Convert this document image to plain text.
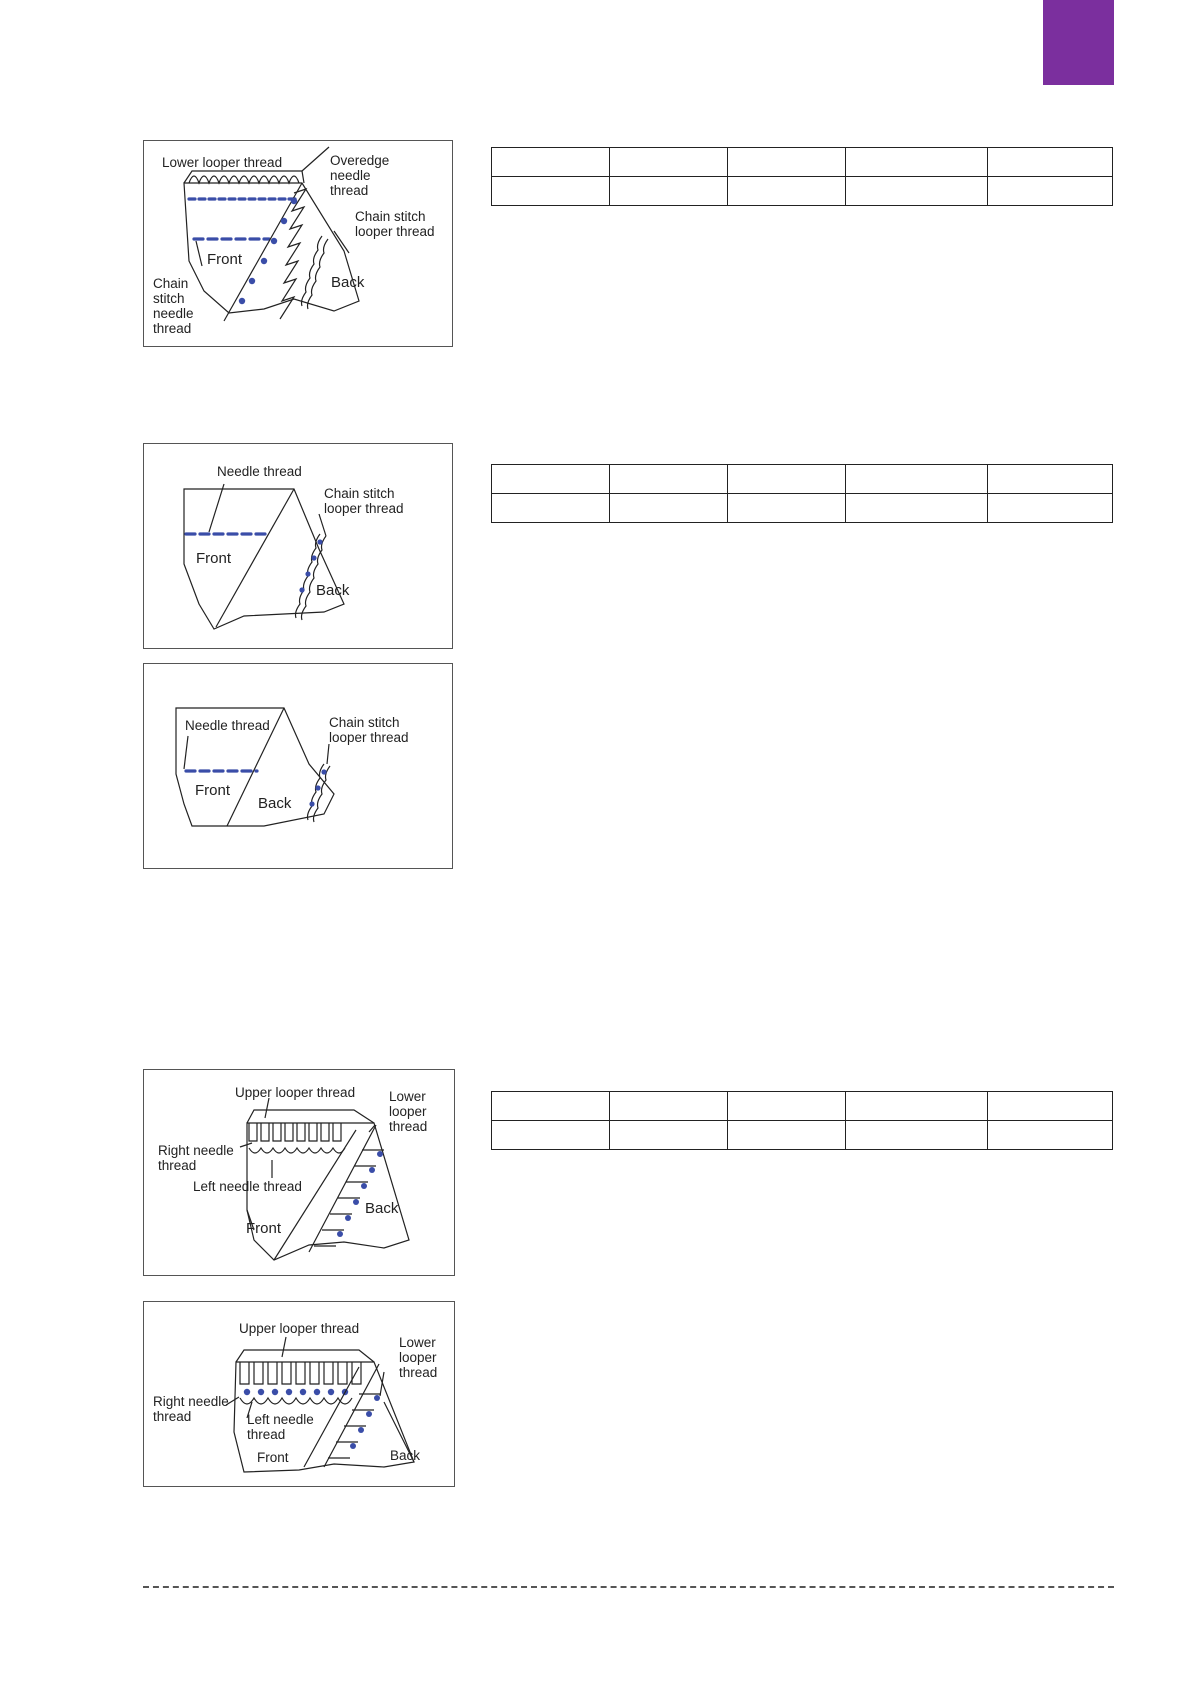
Lower looper thread	Overedge
needle
thread
Chain stitch
looper thread
Front
Back
Chain
stitch
needle
thread

Needle thread
Chain stitch
looper thread
Front
Back

Needle thread	Chain stitch
looper thread
Front
Back
Upper looper thread	Lower
looper
thread
Right needle
thread
Left needle thread
Back
Front

Upper looper thread
Lower
looper
thread
Right needle
thread	Left needle
thread
Front	Back
